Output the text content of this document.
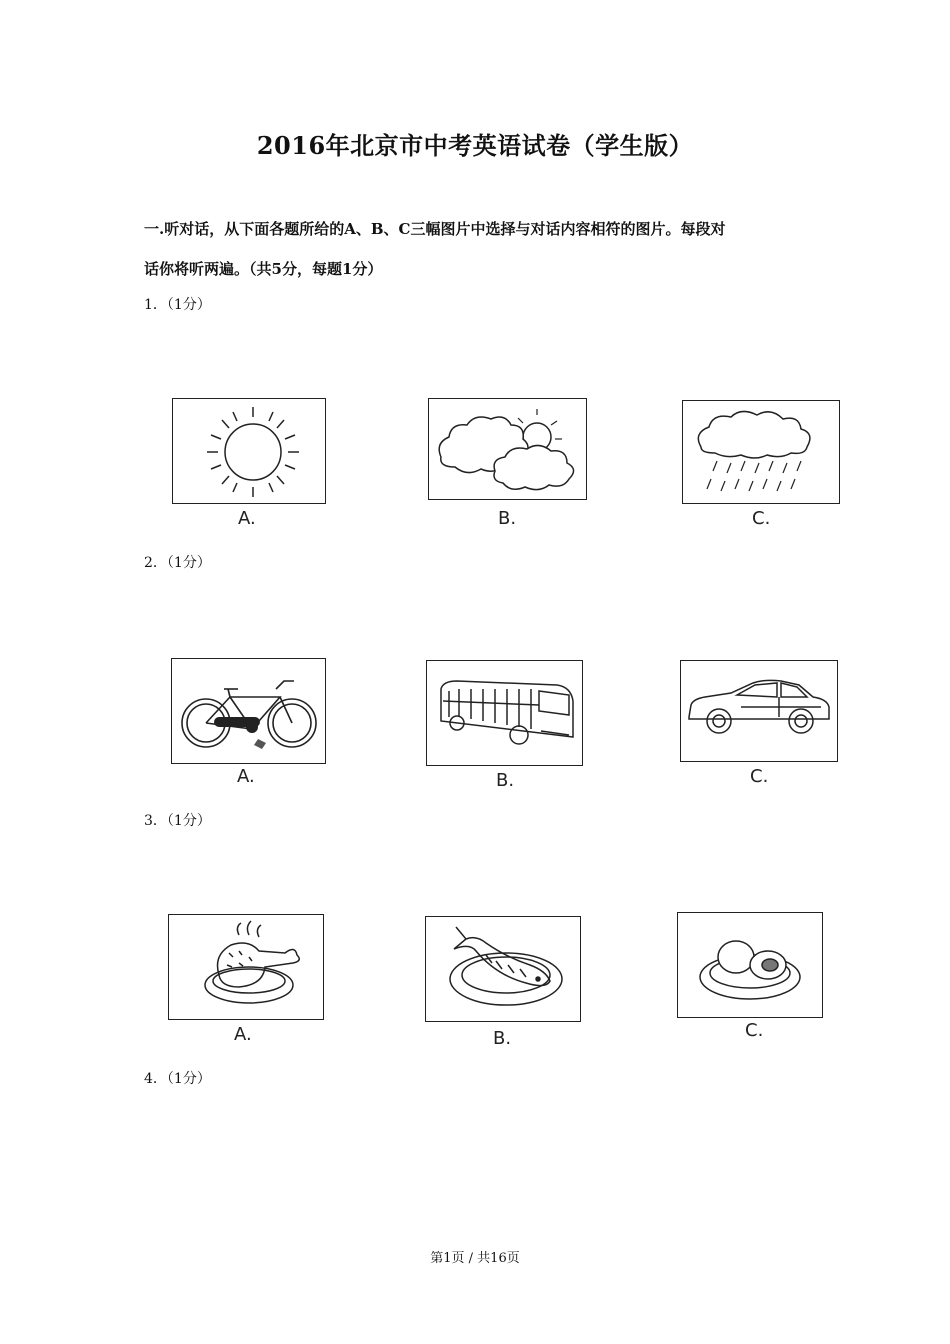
2016年北京市中考英语试卷（学生版）
一.听对话，从下面各题所给的A、B、C三幅图片中选择与对话内容相符的图片。每段对
话你将听两遍。（共5分，每题1分）
1．（1分）
A.	B.	C.
2．（1分）
A.	B.	C.
3．（1分）
A.	B.	C.
4．（1分）
第1页 / 共16页
